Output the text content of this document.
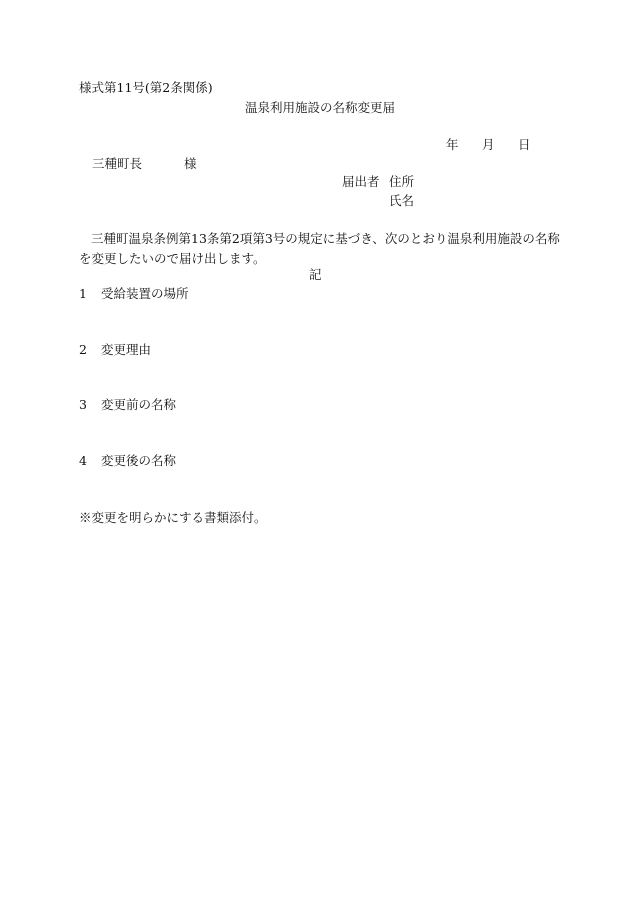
様式第11号(第2条関係)
温泉利用施設の名称変更届
年 月 日
三種町長	様
届出者 住所
氏名
三種町温泉条例第13条第2項第3号の規定に基づき、次のとおり温泉利用施設の名称を変更したいので届け出します。
記
1 受給装置の場所
2 変更理由
3 変更前の名称
4 変更後の名称
※変更を明らかにする書類添付。
